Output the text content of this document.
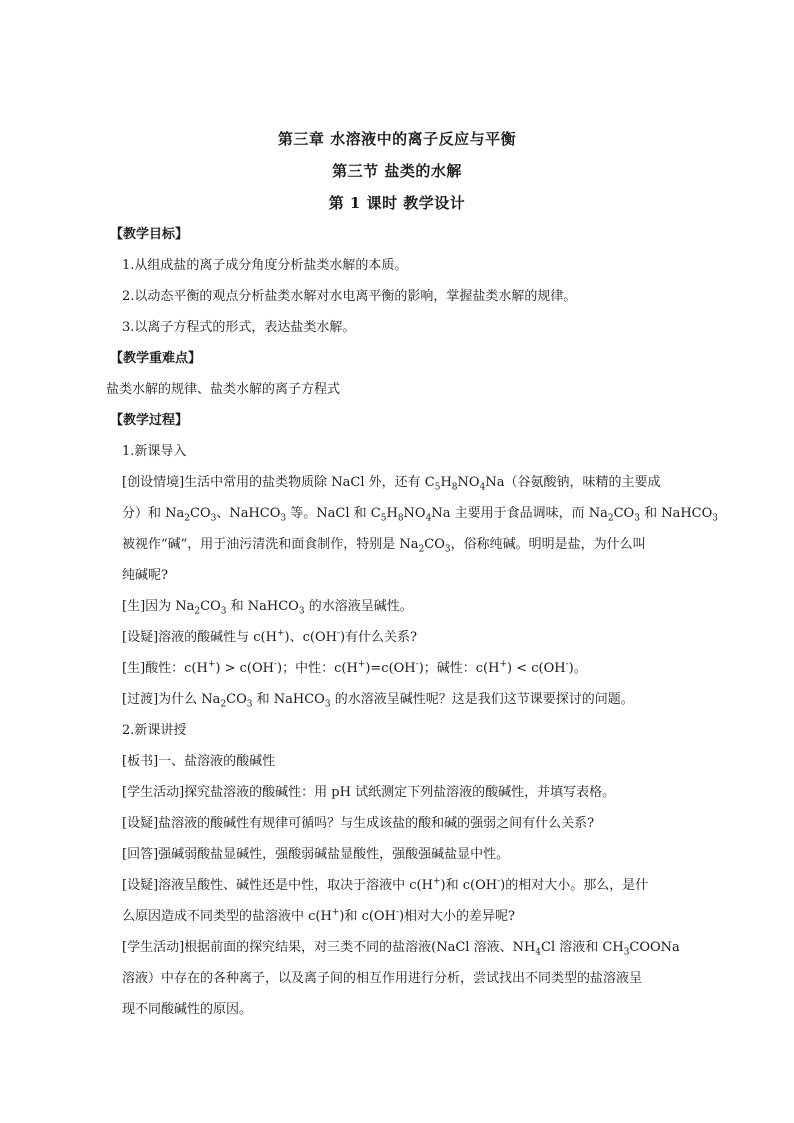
第三章 水溶液中的离子反应与平衡
第三节 盐类的水解
第 1 课时 教学设计
【教学目标】
1.从组成盐的离子成分角度分析盐类水解的本质。
2.以动态平衡的观点分析盐类水解对水电离平衡的影响，掌握盐类水解的规律。
3.以离子方程式的形式，表达盐类水解。
【教学重难点】
盐类水解的规律、盐类水解的离子方程式
【教学过程】
1.新课导入
[创设情境]生活中常用的盐类物质除 NaCl 外，还有 $C_5H_8NO_4Na$（谷氨酸钠，味精的主要成
分）和 $Na_2CO_3$、NaHCO$_3$ 等。NaCl 和 $C_5H_8NO_4Na$ 主要用于食品调味，而 $Na_2CO_3$ 和 NaHCO$_3$
被视作“碱”，用于油污清洗和面食制作，特别是 $Na_2CO_3$，俗称纯碱。明明是盐，为什么叫
纯碱呢?
[生]因为 $Na_2CO_3$ 和 NaHCO$_3$ 的水溶液呈碱性。
[设疑]溶液的酸碱性与 c(H+)、c(OH-)有什么关系?
[生]酸性：c(H+) > c(OH-)；中性：c(H+)=c(OH-)；碱性：c(H+) < c(OH-)。
[过渡]为什么 $Na_2CO_3$ 和 NaHCO$_3$ 的水溶液呈碱性呢？这是我们这节课要探讨的问题。
2.新课讲授
[板书]一、盐溶液的酸碱性
[学生活动]探究盐溶液的酸碱性：用 pH 试纸测定下列盐溶液的酸碱性，并填写表格。
[设疑]盐溶液的酸碱性有规律可循吗？与生成该盐的酸和碱的强弱之间有什么关系?
[回答]强碱弱酸盐显碱性，强酸弱碱盐显酸性，强酸强碱盐显中性。
[设疑]溶液呈酸性、碱性还是中性，取决于溶液中 c(H+)和 c(OH-)的相对大小。那么，是什
么原因造成不同类型的盐溶液中 c(H+)和 c(OH-)相对大小的差异呢?
[学生活动]根据前面的探究结果，对三类不同的盐溶液(NaCl 溶液、$NH_4Cl$ 溶液和 $CH_3COONa$
溶液）中存在的各种离子，以及离子间的相互作用进行分析，尝试找出不同类型的盐溶液呈
现不同酸碱性的原因。
